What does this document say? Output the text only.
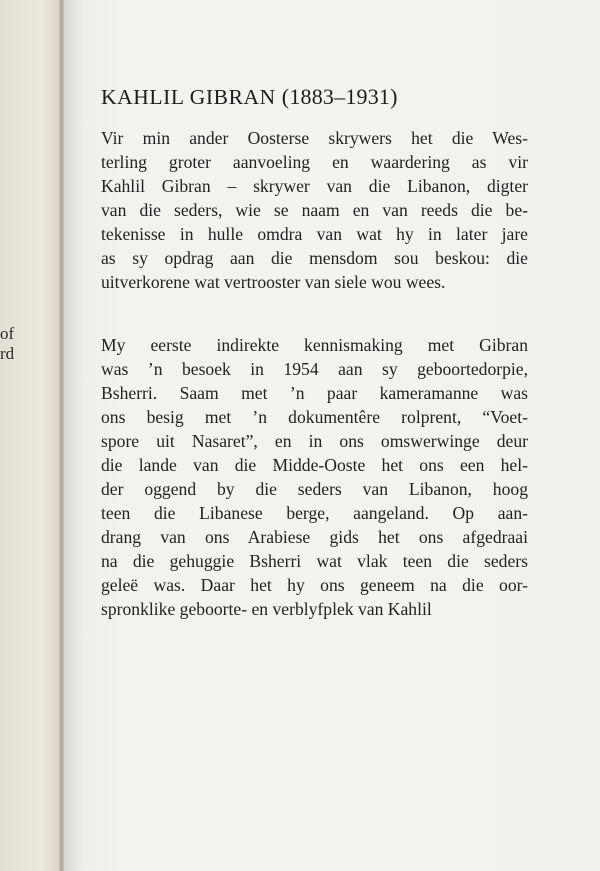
of
rd
KAHLIL GIBRAN (1883–1931)
Vir min ander Oosterse skrywers het die Wes-
terling groter aanvoeling en waardering as vir
Kahlil Gibran – skrywer van die Libanon, digter
van die seders, wie se naam en van reeds die be-
tekenisse in hulle omdra van wat hy in later jare
as sy opdrag aan die mensdom sou beskou: die
uitverkorene wat vertrooster van siele wou wees.
My eerste indirekte kennismaking met Gibran
was ’n besoek in 1954 aan sy geboortedorpie,
Bsherri. Saam met ’n paar kameramanne was
ons besig met ’n dokumentêre rolprent, “Voet-
spore uit Nasaret”, en in ons omswerwinge deur
die lande van die Midde-Ooste het ons een hel-
der oggend by die seders van Libanon, hoog
teen die Libanese berge, aangeland. Op aan-
drang van ons Arabiese gids het ons afgedraai
na die gehuggie Bsherri wat vlak teen die seders
geleë was. Daar het hy ons geneem na die oor-
spronklike geboorte- en verblyfplek van Kahlil
